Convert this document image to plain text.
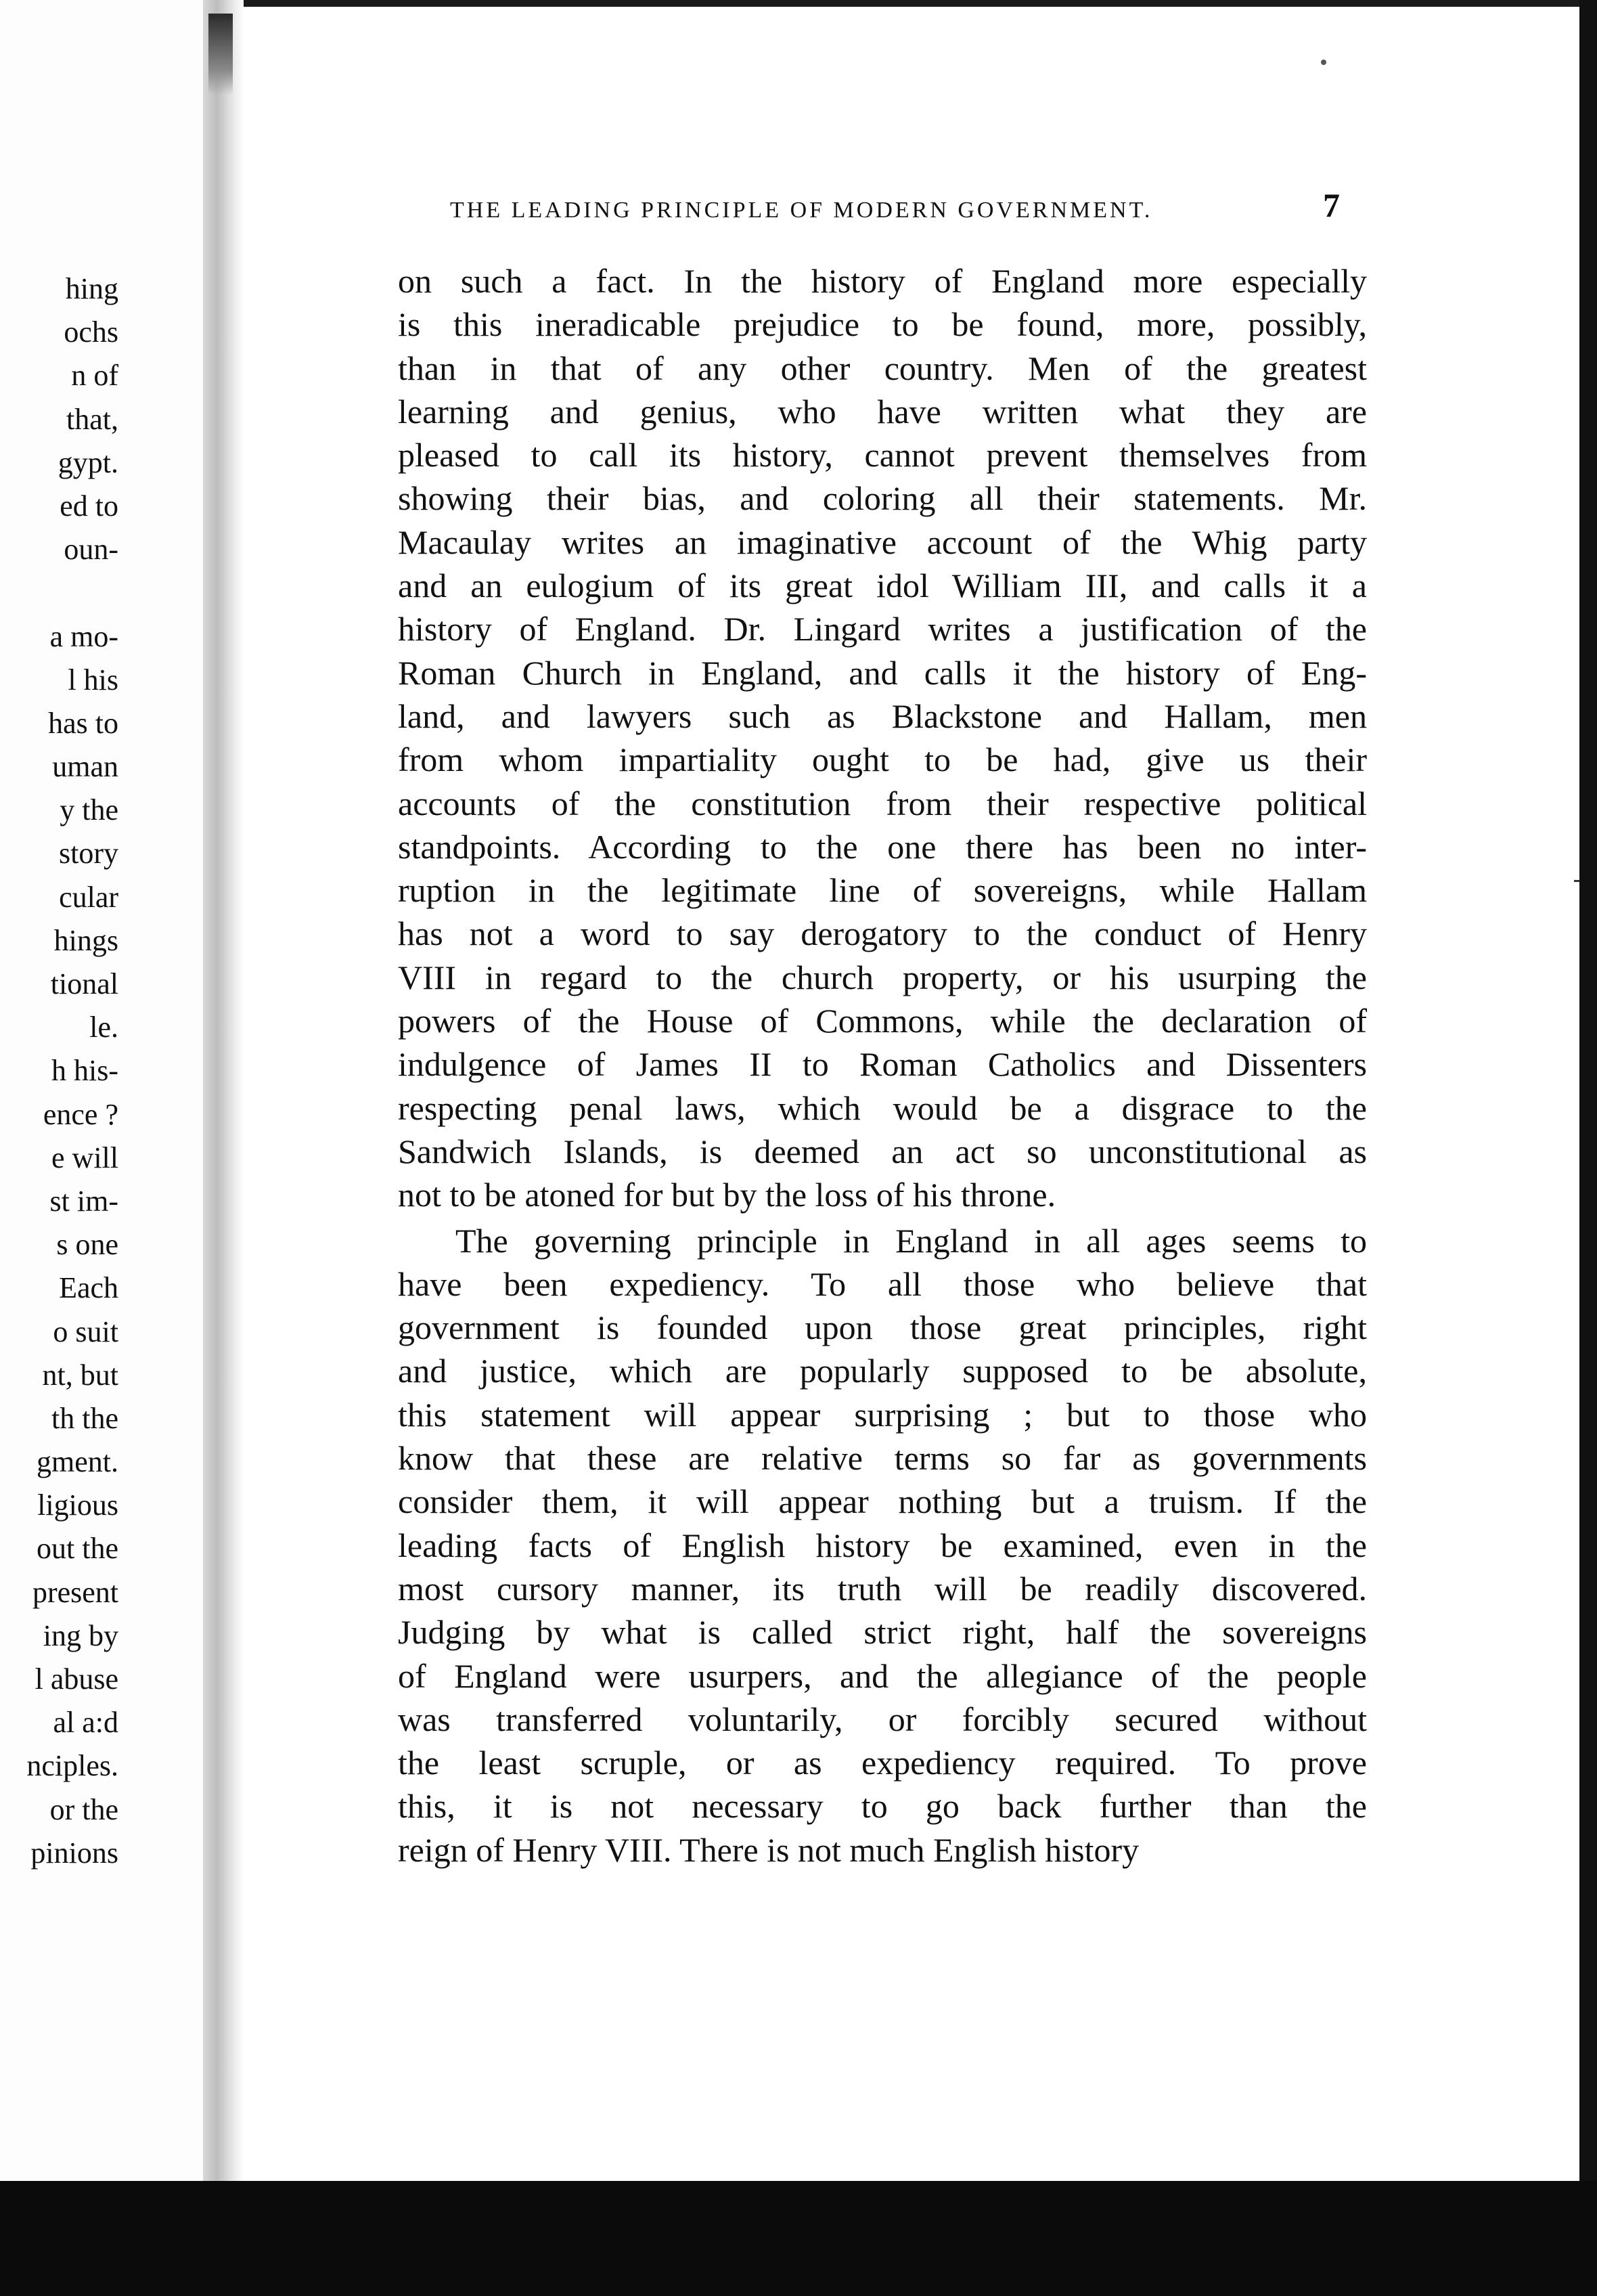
hing
ochs
n of
that,
gypt.
ed to
oun-
a mo-
l his
has to
uman
y the
story
cular
hings
tional
le.
h his-
ence ?
e will
st im-
s one
Each
o suit
nt, but
th the
gment.
ligious
out the
present
ing by
l abuse
al a:d
nciples.
or the
pinions
THE LEADING PRINCIPLE OF MODERN GOVERNMENT.	7
on such a fact. In the history of England more especially
is this ineradicable prejudice to be found, more, possibly,
than in that of any other country. Men of the greatest
learning and genius, who have written what they are
pleased to call its history, cannot prevent themselves from
showing their bias, and coloring all their statements. Mr.
Macaulay writes an imaginative account of the Whig party
and an eulogium of its great idol William III, and calls it a
history of England. Dr. Lingard writes a justification of the
Roman Church in England, and calls it the history of Eng-
land, and lawyers such as Blackstone and Hallam, men
from whom impartiality ought to be had, give us their
accounts of the constitution from their respective political
standpoints. According to the one there has been no inter-
ruption in the legitimate line of sovereigns, while Hallam
has not a word to say derogatory to the conduct of Henry
VIII in regard to the church property, or his usurping the
powers of the House of Commons, while the declaration of
indulgence of James II to Roman Catholics and Dissenters
respecting penal laws, which would be a disgrace to the
Sandwich Islands, is deemed an act so unconstitutional as
not to be atoned for but by the loss of his throne.
The governing principle in England in all ages seems to
have been expediency. To all those who believe that
government is founded upon those great principles, right
and justice, which are popularly supposed to be absolute,
this statement will appear surprising ; but to those who
know that these are relative terms so far as governments
consider them, it will appear nothing but a truism. If the
leading facts of English history be examined, even in the
most cursory manner, its truth will be readily discovered.
Judging by what is called strict right, half the sovereigns
of England were usurpers, and the allegiance of the people
was transferred voluntarily, or forcibly secured without
the least scruple, or as expediency required. To prove
this, it is not necessary to go back further than the
reign of Henry VIII. There is not much English history
